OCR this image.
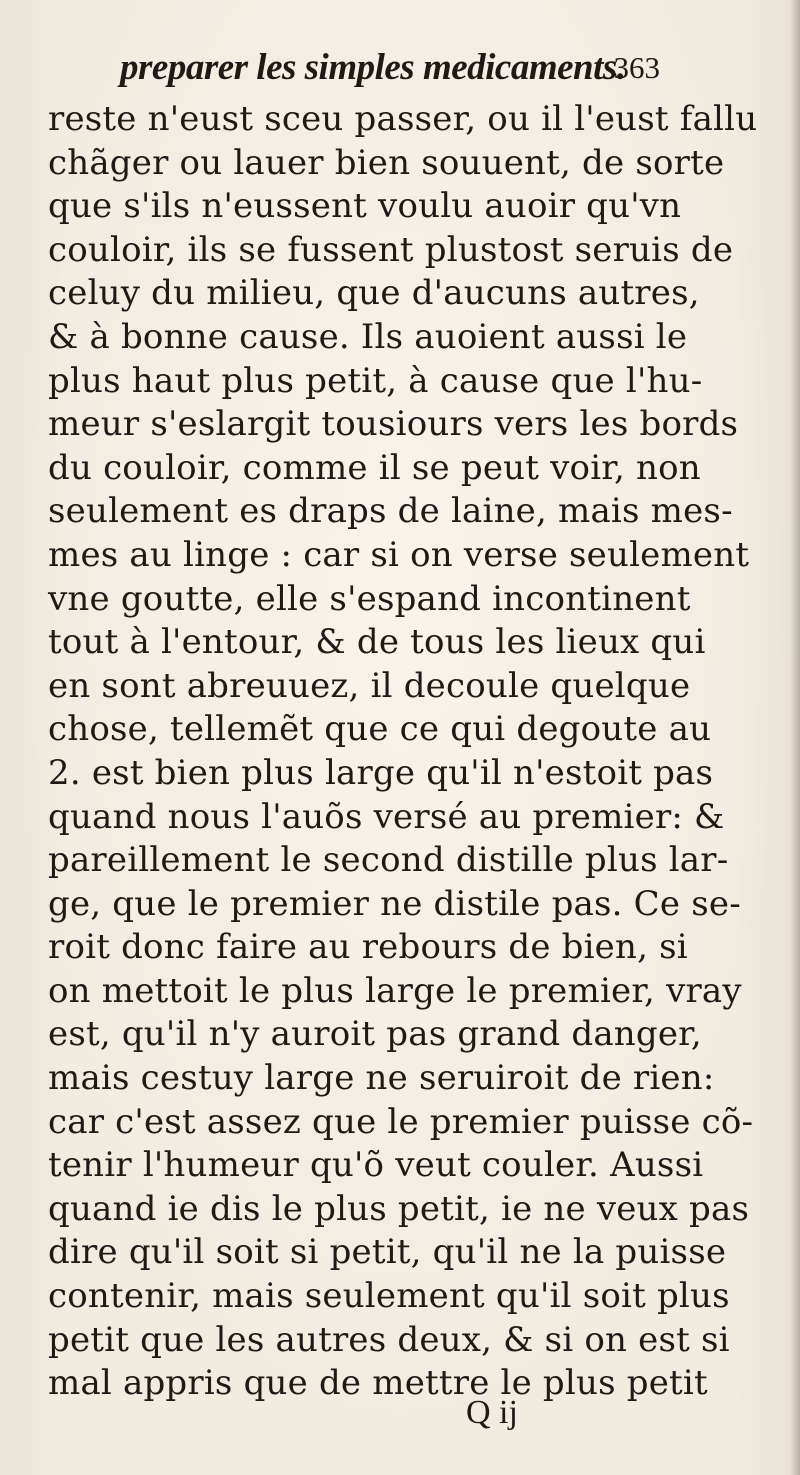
preparer les simples medicaments.
363
reste n'eust sceu passer, ou il l'eust fallu
chãger ou lauer bien souuent, de sorte
que s'ils n'eussent voulu auoir qu'vn
couloir, ils se fussent plustost seruis de
celuy du milieu, que d'aucuns autres,
& à bonne cause. Ils auoient aussi le
plus haut plus petit, à cause que l'hu-
meur s'eslargit tousiours vers les bords
du couloir, comme il se peut voir, non
seulement es draps de laine, mais mes-
mes au linge : car si on verse seulement
vne goutte, elle s'espand incontinent
tout à l'entour, & de tous les lieux qui
en sont abreuuez, il decoule quelque
chose, tellemẽt que ce qui degoute au
2. est bien plus large qu'il n'estoit pas
quand nous l'auõs versé au premier: &
pareillement le second distille plus lar-
ge, que le premier ne distile pas. Ce se-
roit donc faire au rebours de bien, si
on mettoit le plus large le premier, vray
est, qu'il n'y auroit pas grand danger,
mais cestuy large ne seruiroit de rien:
car c'est assez que le premier puisse cõ-
tenir l'humeur qu'õ veut couler. Aussi
quand ie dis le plus petit, ie ne veux pas
dire qu'il soit si petit, qu'il ne la puisse
contenir, mais seulement qu'il soit plus
petit que les autres deux, & si on est si
mal appris que de mettre le plus petit
Q ij
